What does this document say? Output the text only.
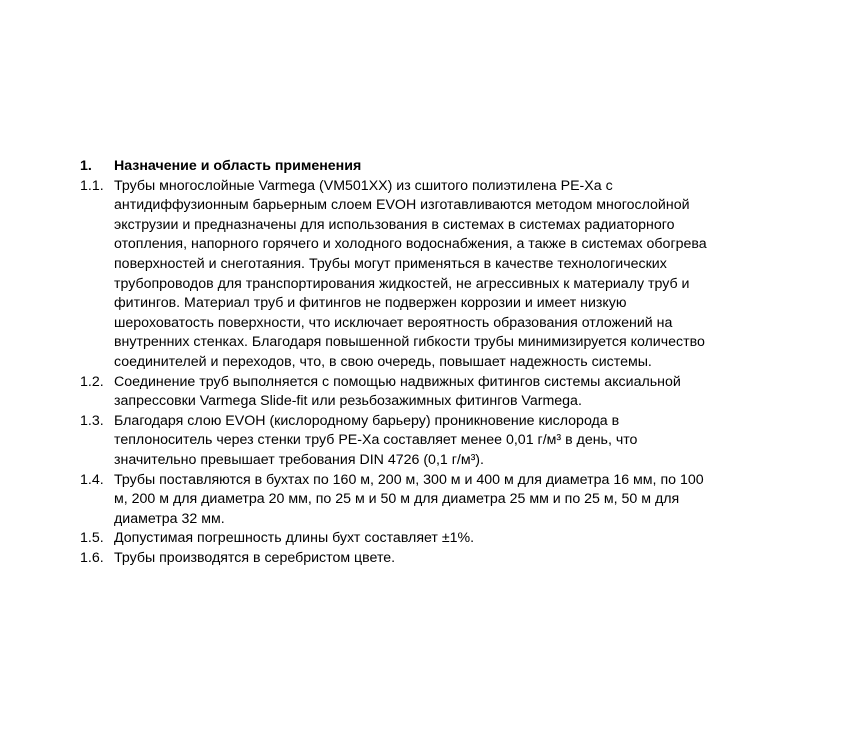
1.	Назначение и область применения
1.1. Трубы многослойные Varmega (VM501XX) из сшитого полиэтилена PE-Xa с
антидиффузионным барьерным слоем EVOH изготавливаются методом многослойной
экструзии и предназначены для использования в системах в системах радиаторного
отопления, напорного горячего и холодного водоснабжения, а также в системах обогрева
поверхностей и снеготаяния. Трубы могут применяться в качестве технологических
трубопроводов для транспортирования жидкостей, не агрессивных к материалу труб и
фитингов. Материал труб и фитингов не подвержен коррозии и имеет низкую
шероховатость поверхности, что исключает вероятность образования отложений на
внутренних стенках. Благодаря повышенной гибкости трубы минимизируется количество
соединителей и переходов, что, в свою очередь, повышает надежность системы.
1.2. Соединение труб выполняется с помощью надвижных фитингов системы аксиальной
запрессовки Varmega Slide-fit или резьбозажимных фитингов Varmega.
1.3. Благодаря слою EVOH (кислородному барьеру) проникновение кислорода в
теплоноситель через стенки труб PE-Xa составляет менее 0,01 г/м³ в день, что
значительно превышает требования DIN 4726 (0,1 г/м³).
1.4. Трубы поставляются в бухтах по 160 м, 200 м, 300 м и 400 м для диаметра 16 мм, по 100
м, 200 м для диаметра 20 мм, по 25 м и 50 м для диаметра 25 мм и по 25 м, 50 м для
диаметра 32 мм.
1.5. Допустимая погрешность длины бухт составляет ±1%.
1.6. Трубы производятся в серебристом цвете.
